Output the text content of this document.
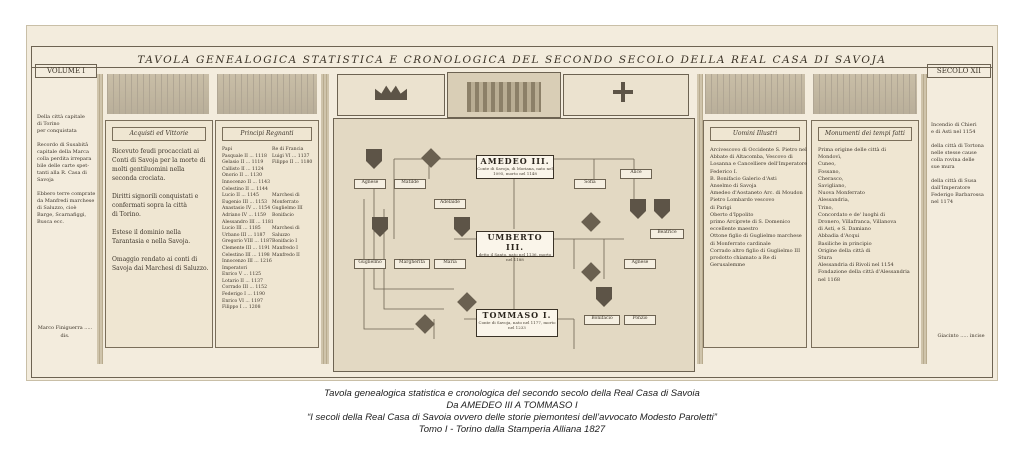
TAVOLA GENEALOGICA STATISTICA E CRONOLOGICA DEL SECONDO SECOLO DELLA REAL CASA DI SAVOJA
VOLUME I	SECOLO XII
Della città capitale
di Torino
per conquistata

Recordo di Susabitâ
capitale della Marca
colla perdita irrepara
bile delle carte spet-
tanti alla R. Casa di
Savoja

Ebbero terre comprate
da Manfredi marchese
di Saluzzo, cioè
Barge, Scarnafiggi,
Busca ecc.
Marco Finiguerra ..... dis.
Incendio di Chieri
e di Asti nel 1154

della città di Tortona
nelle stesse cause
colla rovina delle
sue mura

della città di Susa
dall'Imperatore
Federigo Barbarossa
nel 1174
Giacinto ..... incise
Acquisti ed Vittorie
Ricevuto feudi procacciati ai
Conti di Savoja per la morte di
molti gentiluomini nella
seconda crociata.

Diritti signorili conquistati e
confermati sopra la città
di Torino.

Estese il dominio nella
Tarantasia e nella Savoja.

Omaggio rendato ai conti di
Savoja dai Marchesi di Saluzzo.
Principi Regnanti
Papi
Pasquale II ... 1118
Gelasio II ... 1119
Callisto II ... 1124
Onorio II ... 1130
Innocenzo II ... 1143
Celestino II ... 1144
Lucio II ... 1145
Eugenio III ... 1153
Anastasio IV ... 1154
Adriano IV ... 1159
Alessandro III ... 1181
Lucio III ... 1185
Urbano III ... 1187
Gregorio VIII ... 1187
Clemente III ... 1191
Celestino III ... 1198
Innocenzo III ... 1216
Imperatori
Enrico V ... 1125
Lotario II ... 1137
Corrado III ... 1152
Federigo I ... 1190
Enrico VI ... 1197
Filippo I ... 1208
Re di Francia
Luigi VI ... 1137
Filippo II ... 1180

Marchesi di
Monferrato
Guglielmo III
Bonifacio

Marchesi di
Saluzzo
Bonifacio I
Manfredo I
Manfredo II
Uomini Illustri
Arcivescovo di Occidente S. Pietro nel
Abbate di Altacomba, Vescovo di
Losanna e Cancelliere dell'Imperatore
Federico I.
B. Bonifacio Galerio d'Asti
Anselmo di Savoja
Amedeo d'Aostaneto Arc. di Moudon
Pietro Lombardo vescovo
di Parigi
Oberto d'Ippolito
primo Arciprete di S. Domenico
eccellente maestro
Ottone figlio di Guglielmo marchese
di Monferrato cardinale
Corrado altro figlio di Guglielmo III
prodotto chiamato a Re di
Gerusalemme
Monumenti dei tempi fatti
Prima origine delle città di
Mondovì,
Cuneo,
Fossano,
Cherasco,
Savigliano,
Nuova Monferrato
Alessandria,
Trino,
Concordato e de' luoghi di
Dronero, Villafranca, Villanova
di Asti, e S. Damiano
Abbadia d'Acqui
Basiliche in principio
Origine della città di
Stura
Alessandria di Rivoli nel 1154
Fondazione della città d'Alessandria
nel 1168
AMEDEO III.
Conte di Savoja, di Moriana, nato nel 1095, morto nel 1148
UMBERTO III.
detto il Santo, nato nel 1136, morto nel 1188
TOMMASO I.
Conte di Savoja, nato nel 1177, morto nel 1233
Agnese	Matilde
Adelaide
Guglielmo	Margherita	Maria
Sofia
Alice
Beatrice
Bonifacio	Ponzio
Agnese
Tavola genealogica statistica e cronologica del secondo secolo della Real Casa di Savoia
Da AMEDEO III A TOMMASO I
“I secoli della Real Casa di Savoia ovvero delle storie piemontesi dell’avvocato Modesto Paroletti”
Tomo I - Torino dalla Stamperia Alliana 1827
